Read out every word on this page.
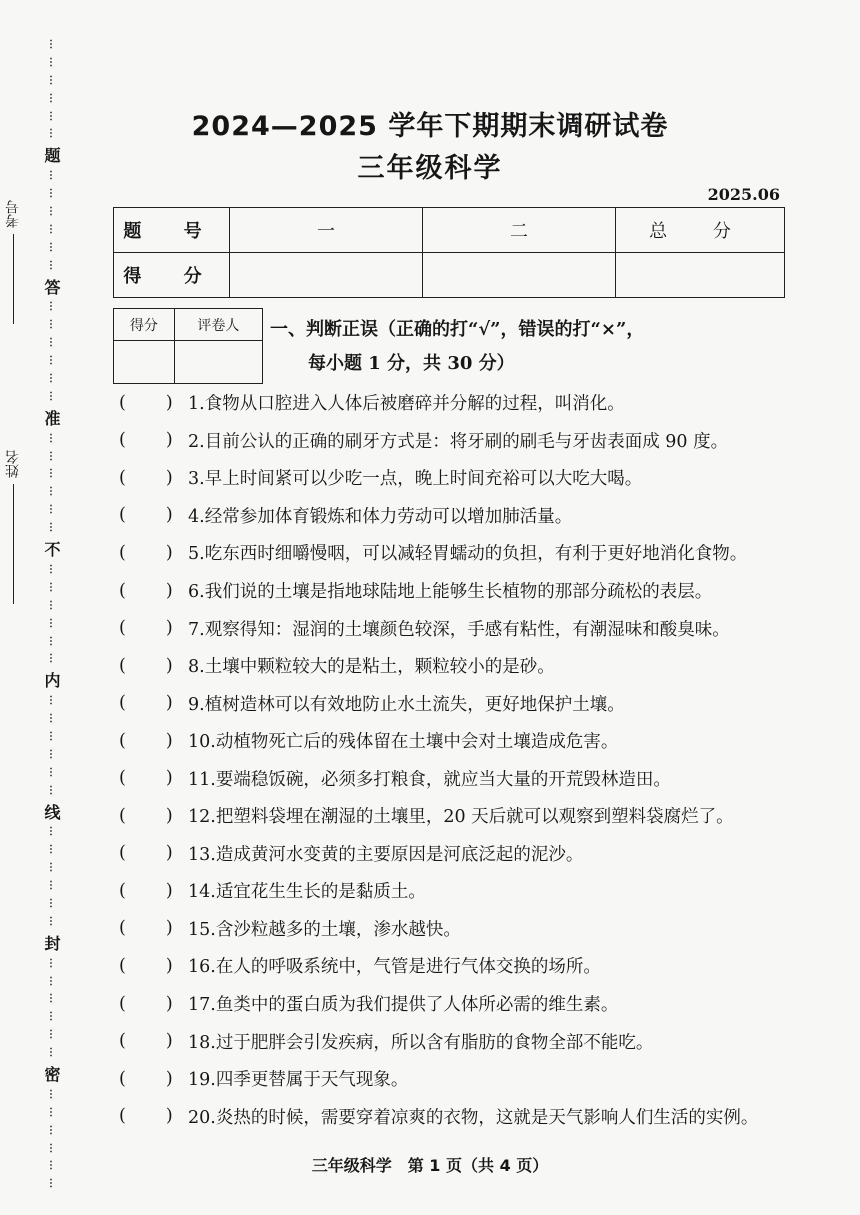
⋮
⋮
⋮
⋮
⋮
⋮
题
⋮
⋮
⋮
⋮
⋮
⋮
答
⋮
⋮
⋮
⋮
⋮
⋮
准
⋮
⋮
⋮
⋮
⋮
⋮
不
⋮
⋮
⋮
⋮
⋮
⋮
内
⋮
⋮
⋮
⋮
⋮
⋮
线
⋮
⋮
⋮
⋮
⋮
⋮
封
⋮
⋮
⋮
⋮
⋮
⋮
密
⋮
⋮
⋮
⋮
⋮
⋮
考号
姓名
2024—2025 学年下期期末调研试卷
三年级科学
2025.06
题 号	一	二	总 分
得 分			
得分	评卷人
	一、判断正误（正确的打“√”，错误的打“×”，
每小题 1 分，共 30 分）
( ) 1.食物从口腔进入人体后被磨碎并分解的过程，叫消化。
( ) 2.目前公认的正确的刷牙方式是：将牙刷的刷毛与牙齿表面成 90 度。
( ) 3.早上时间紧可以少吃一点，晚上时间充裕可以大吃大喝。
( ) 4.经常参加体育锻炼和体力劳动可以增加肺活量。
( ) 5.吃东西时细嚼慢咽，可以减轻胃蠕动的负担，有利于更好地消化食物。
( ) 6.我们说的土壤是指地球陆地上能够生长植物的那部分疏松的表层。
( ) 7.观察得知：湿润的土壤颜色较深，手感有粘性，有潮湿味和酸臭味。
( ) 8.土壤中颗粒较大的是粘土，颗粒较小的是砂。
( ) 9.植树造林可以有效地防止水土流失，更好地保护土壤。
( ) 10.动植物死亡后的残体留在土壤中会对土壤造成危害。
( ) 11.要端稳饭碗，必须多打粮食，就应当大量的开荒毁林造田。
( ) 12.把塑料袋埋在潮湿的土壤里，20 天后就可以观察到塑料袋腐烂了。
( ) 13.造成黄河水变黄的主要原因是河底泛起的泥沙。
( ) 14.适宜花生生长的是黏质土。
( ) 15.含沙粒越多的土壤，渗水越快。
( ) 16.在人的呼吸系统中，气管是进行气体交换的场所。
( ) 17.鱼类中的蛋白质为我们提供了人体所必需的维生素。
( ) 18.过于肥胖会引发疾病，所以含有脂肪的食物全部不能吃。
( ) 19.四季更替属于天气现象。
( ) 20.炎热的时候，需要穿着凉爽的衣物，这就是天气影响人们生活的实例。
三年级科学　第 1 页（共 4 页）
